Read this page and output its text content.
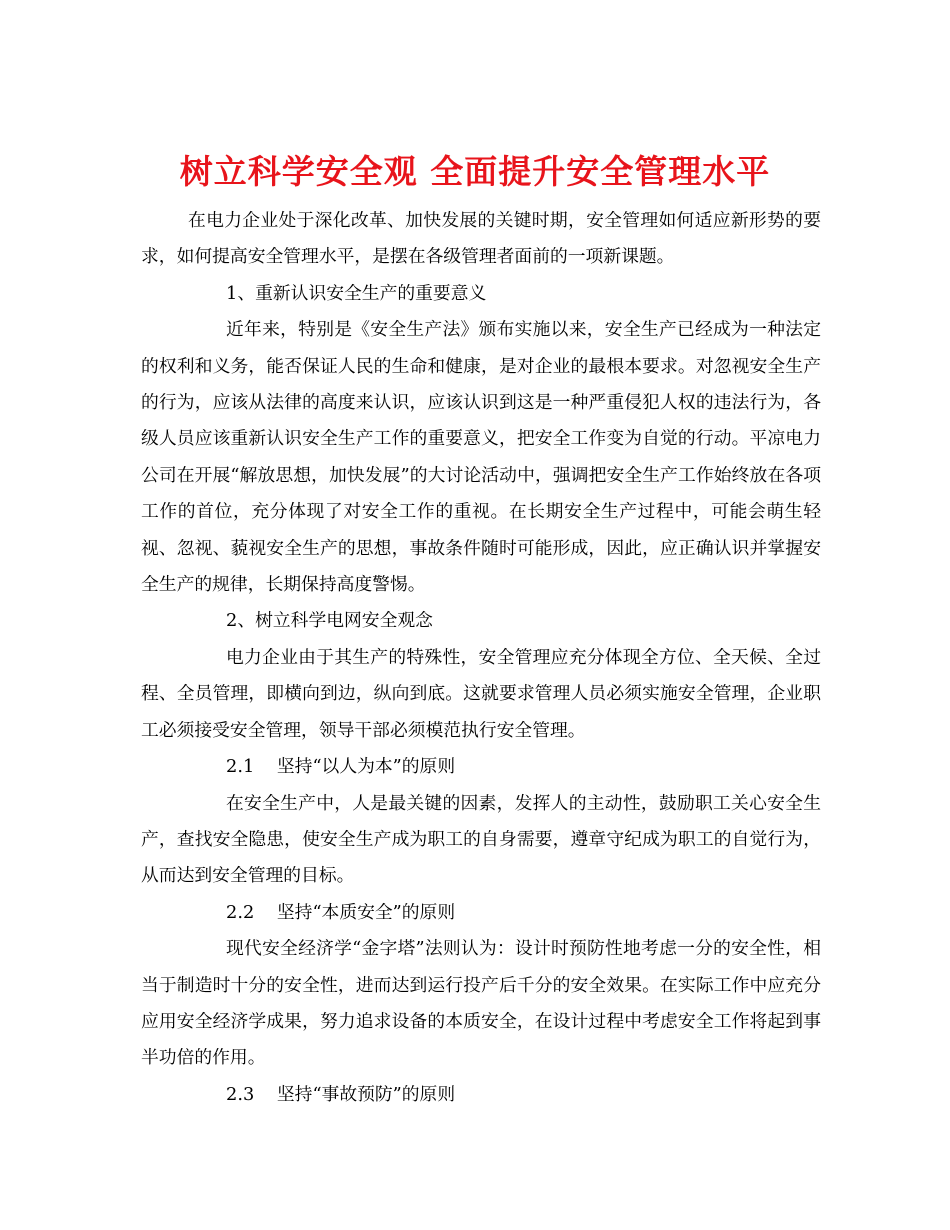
树立科学安全观 全面提升安全管理水平

在电力企业处于深化改革、加快发展的关键时期，安全管理如何适应新形势的要求，如何提高安全管理水平，是摆在各级管理者面前的一项新课题。

1、重新认识安全生产的重要意义

近年来，特别是《安全生产法》颁布实施以来，安全生产已经成为一种法定的权利和义务，能否保证人民的生命和健康，是对企业的最根本要求。对忽视安全生产的行为，应该从法律的高度来认识，应该认识到这是一种严重侵犯人权的违法行为，各级人员应该重新认识安全生产工作的重要意义，把安全工作变为自觉的行动。平凉电力公司在开展“解放思想，加快发展”的大讨论活动中，强调把安全生产工作始终放在各项工作的首位，充分体现了对安全工作的重视。在长期安全生产过程中，可能会萌生轻视、忽视、藐视安全生产的思想，事故条件随时可能形成，因此，应正确认识并掌握安全生产的规律，长期保持高度警惕。

2、树立科学电网安全观念

电力企业由于其生产的特殊性，安全管理应充分体现全方位、全天候、全过程、全员管理，即横向到边，纵向到底。这就要求管理人员必须实施安全管理，企业职工必须接受安全管理，领导干部必须模范执行安全管理。

2.1    坚持“以人为本”的原则

在安全生产中，人是最关键的因素，发挥人的主动性，鼓励职工关心安全生产，查找安全隐患，使安全生产成为职工的自身需要，遵章守纪成为职工的自觉行为，从而达到安全管理的目标。

2.2    坚持“本质安全”的原则

现代安全经济学“金字塔”法则认为：设计时预防性地考虑一分的安全性，相当于制造时十分的安全性，进而达到运行投产后千分的安全效果。在实际工作中应充分应用安全经济学成果，努力追求设备的本质安全，在设计过程中考虑安全工作将起到事半功倍的作用。

2.3    坚持“事故预防”的原则
